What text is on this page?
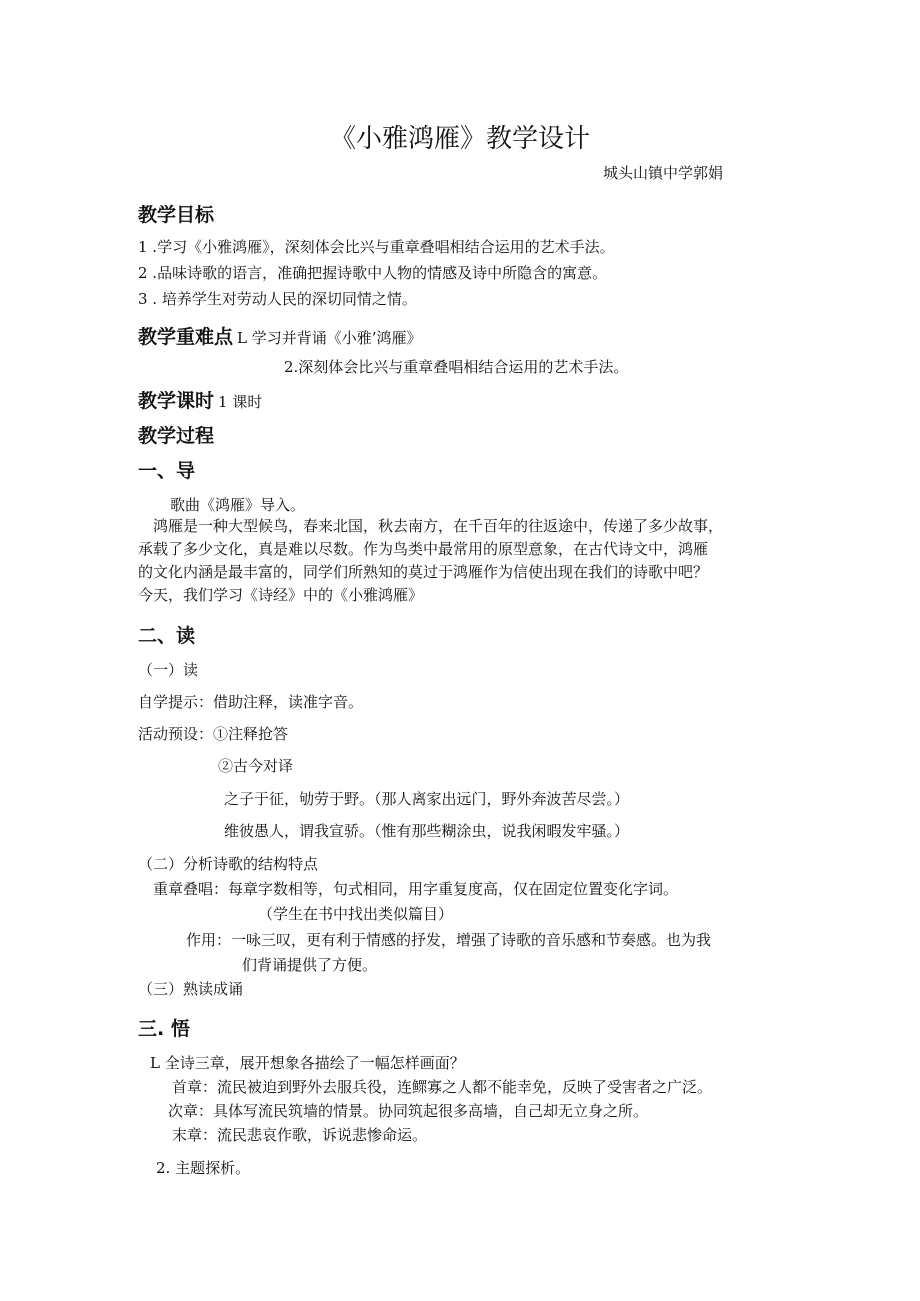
《小雅鸿雁》教学设计
城头山镇中学郭娟
教学目标
1 .学习《小雅鸿雁》，深刻体会比兴与重章叠唱相结合运用的艺术手法。
2 .品味诗歌的语言，准确把握诗歌中人物的情感及诗中所隐含的寓意。
3 . 培养学生对劳动人民的深切同情之情。
教学重难点 L 学习并背诵《小雅’鸿雁》
2.深刻体会比兴与重章叠唱相结合运用的艺术手法。
教学课时 1 课时
教学过程
一、导
歌曲《鸿雁》导入。

鸿雁是一种大型候鸟，春来北国，秋去南方，在千百年的往返途中，传递了多少故事，

承载了多少文化，真是难以尽数。作为鸟类中最常用的原型意象，在古代诗文中，鸿雁

的文化内涵是最丰富的，同学们所熟知的莫过于鸿雁作为信使出现在我们的诗歌中吧？

今天，我们学习《诗经》中的《小雅鸿雁》

二、读
（一）读
自学提示：借助注释，读准字音。
活动预设：①注释抢答
②古今对译
之子于征，劬劳于野。（那人离家出远门，野外奔波苦尽尝。）
维彼愚人，谓我宣骄。（惟有那些糊涂虫，说我闲暇发牢骚。）
（二）分析诗歌的结构特点
重章叠唱：每章字数相等，句式相同，用字重复度高，仅在固定位置变化字词。
（学生在书中找出类似篇目）
作用：一咏三叹，更有利于情感的抒发，增强了诗歌的音乐感和节奏感。也为我
们背诵提供了方便。
（三）熟读成诵
三. 悟
L 全诗三章，展开想象各描绘了一幅怎样画面？
首章：流民被迫到野外去服兵役，连鳏寡之人都不能幸免，反映了受害者之广泛。
次章：具体写流民筑墙的情景。协同筑起很多高墙，自己却无立身之所。
末章：流民悲哀作歌，诉说悲惨命运。
2. 主题探析。
